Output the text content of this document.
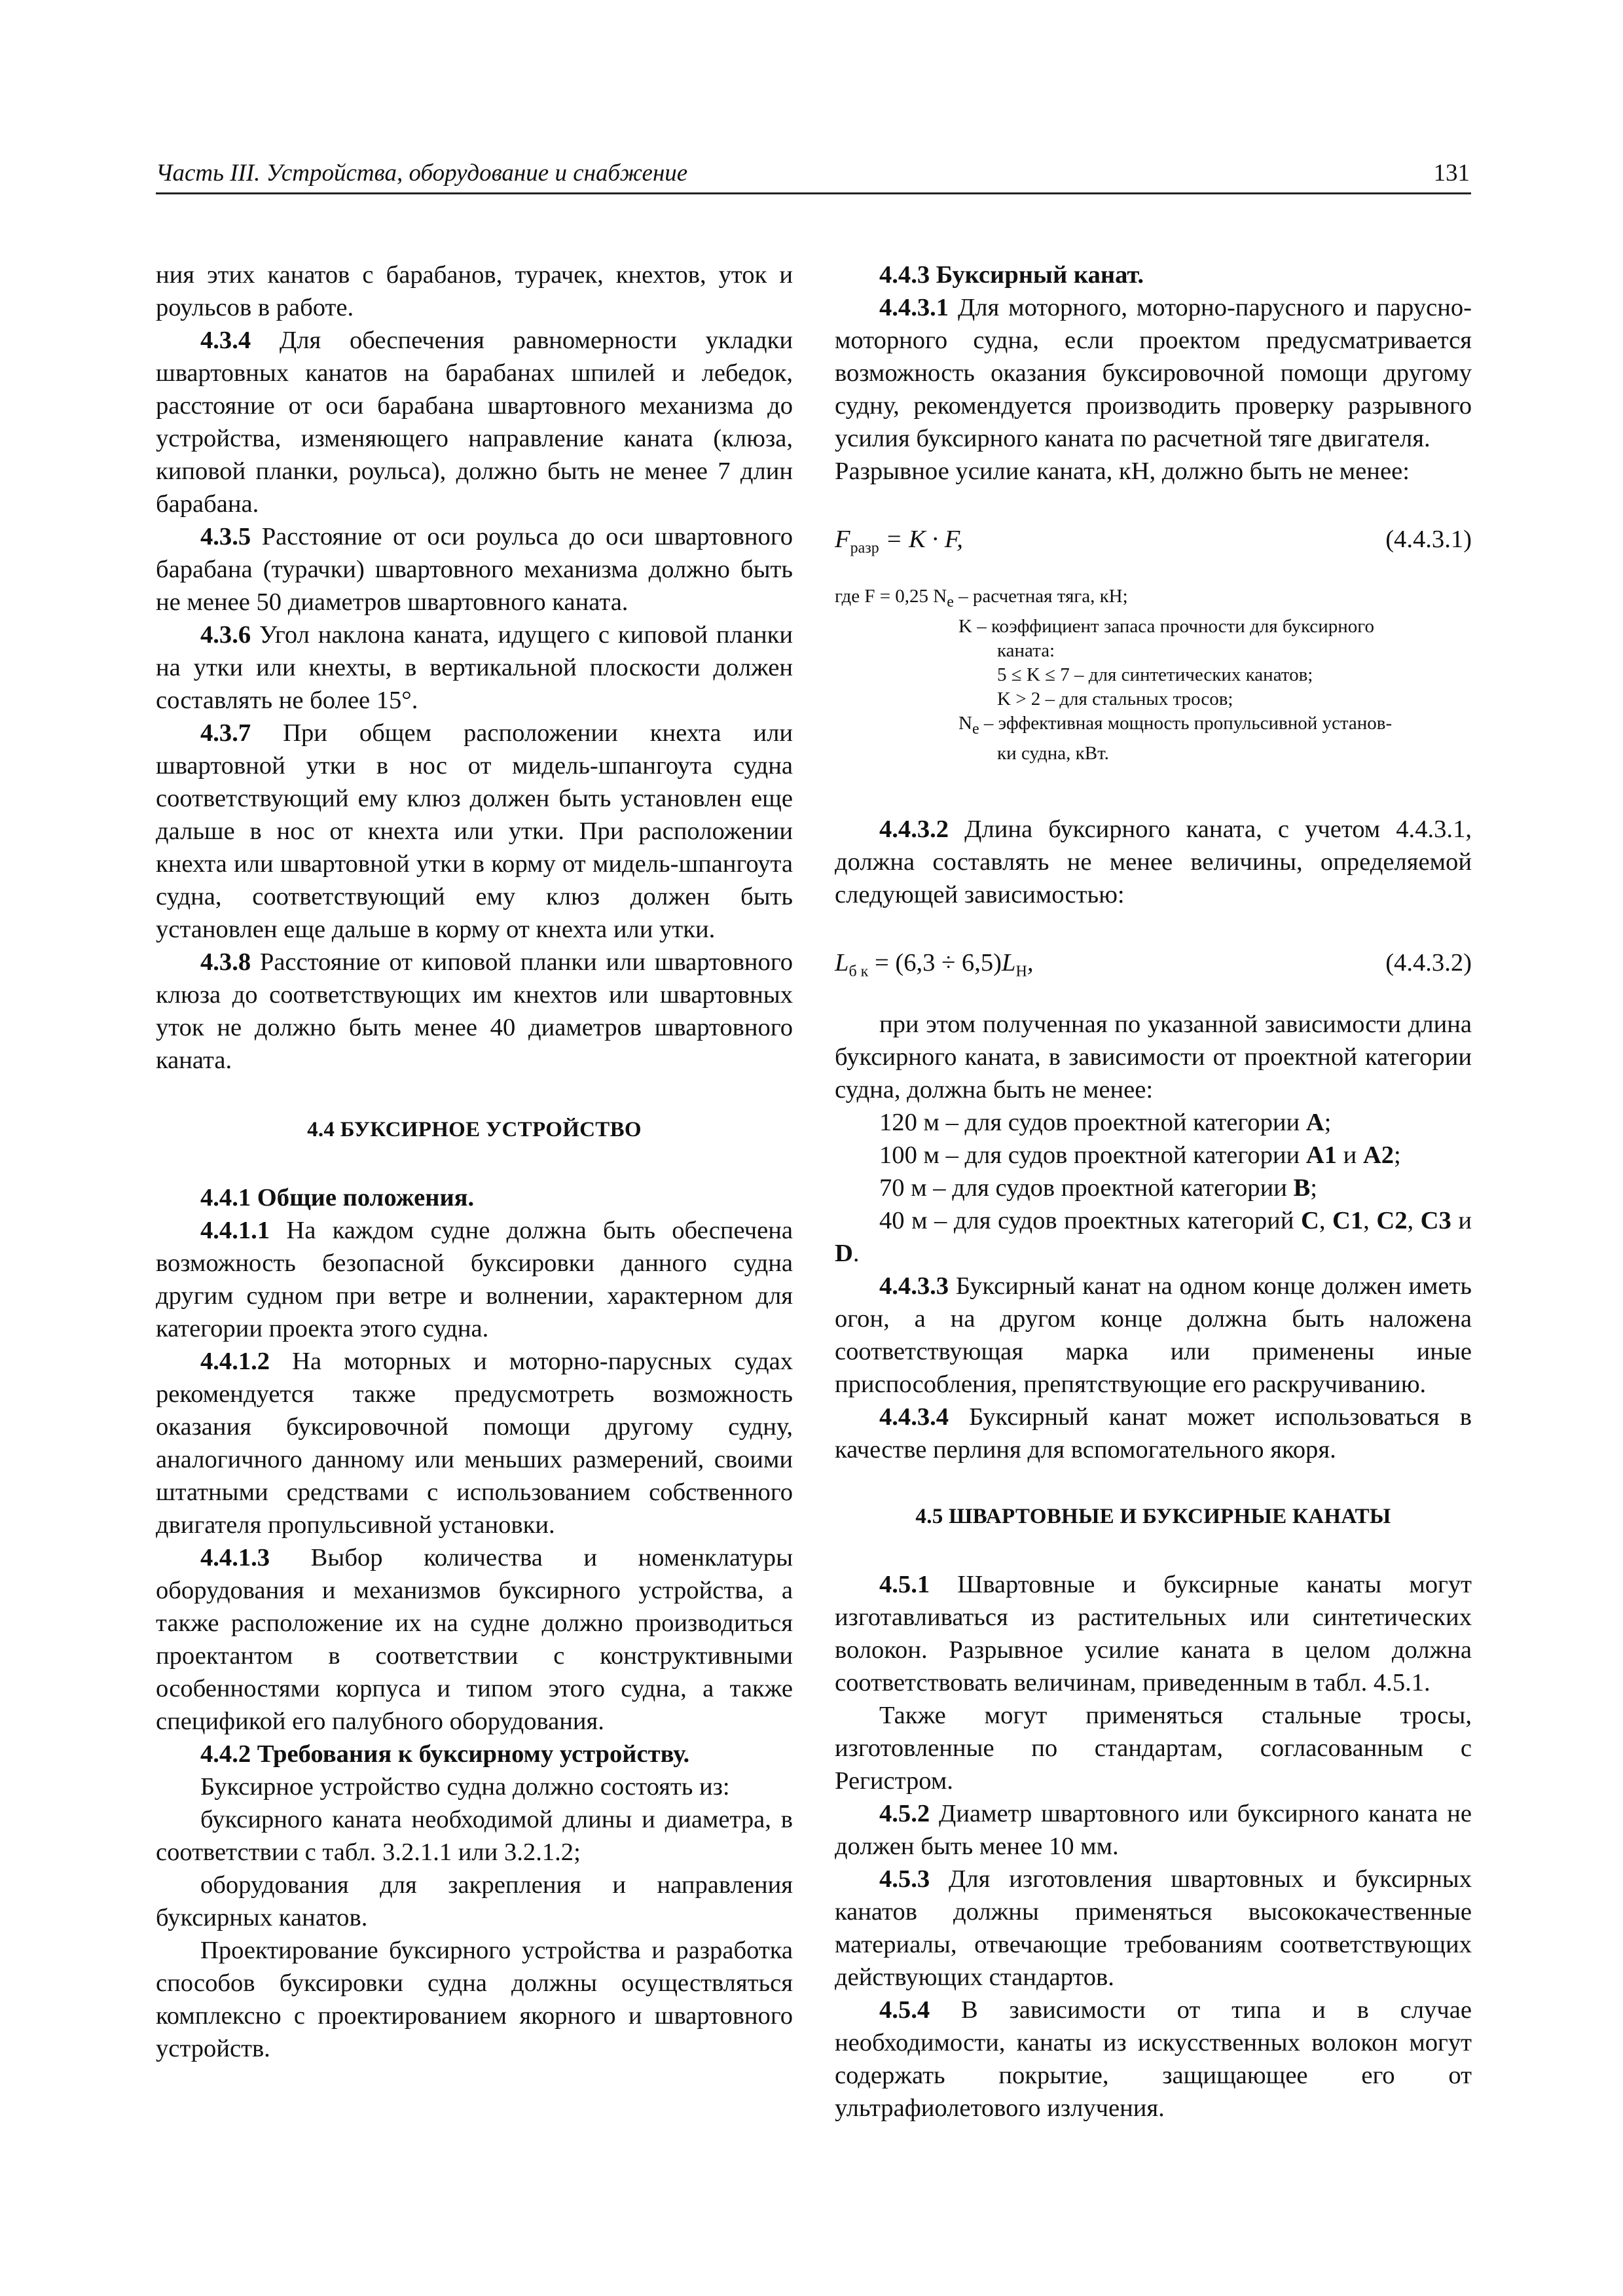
Часть III. Устройства, оборудование и снабжение	131

ния этих канатов с барабанов, турачек, кнехтов, уток и роульсов в работе.

4.3.4 Для обеспечения равномерности укладки швартовных канатов на барабанах шпилей и лебедок, расстояние от оси барабана швартовного механизма до устройства, изменяющего направление каната (клюза, киповой планки, роульса), должно быть не менее 7 длин барабана.

4.3.5 Расстояние от оси роульса до оси швартовного барабана (турачки) швартовного механизма должно быть не менее 50 диаметров швартовного каната.

4.3.6 Угол наклона каната, идущего с киповой планки на утки или кнехты, в вертикальной плоскости должен составлять не более 15°.

4.3.7 При общем расположении кнехта или швартовной утки в нос от мидель-шпангоута судна соответствующий ему клюз должен быть установлен еще дальше в нос от кнехта или утки. При расположении кнехта или швартовной утки в корму от мидель-шпангоута судна, соответствующий ему клюз должен быть установлен еще дальше в корму от кнехта или утки.

4.3.8 Расстояние от киповой планки или швартовного клюза до соответствующих им кнехтов или швартовных уток не должно быть менее 40 диаметров швартовного каната.

4.4 БУКСИРНОЕ УСТРОЙСТВО

4.4.1 Общие положения.

4.4.1.1 На каждом судне должна быть обеспечена возможность безопасной буксировки данного судна другим судном при ветре и волнении, характерном для категории проекта этого судна.

4.4.1.2 На моторных и моторно-парусных судах рекомендуется также предусмотреть возможность оказания буксировочной помощи другому судну, аналогичного данному или меньших размерений, своими штатными средствами с использованием собственного двигателя пропульсивной установки.

4.4.1.3 Выбор количества и номенклатуры оборудования и механизмов буксирного устройства, а также расположение их на судне должно производиться проектантом в соответствии с конструктивными особенностями корпуса и типом этого судна, а также спецификой его палубного оборудования.

4.4.2 Требования к буксирному устройству.

Буксирное устройство судна должно состоять из:

буксирного каната необходимой длины и диаметра, в соответствии с табл. 3.2.1.1 или 3.2.1.2;

оборудования для закрепления и направления буксирных канатов.

Проектирование буксирного устройства и разработка способов буксировки судна должны осуществляться комплексно с проектированием якорного и швартовного устройств.

4.4.3 Буксирный канат.

4.4.3.1 Для моторного, моторно-парусного и парусно-моторного судна, если проектом предусматривается возможность оказания буксировочной помощи другому судну, рекомендуется производить проверку разрывного усилия буксирного каната по расчетной тяге двигателя.

Разрывное усилие каната, кН, должно быть не менее:

$F_{разр} = K \cdot F$,	(4.4.3.1)
где F = 0,25 $N_e$ – расчетная тяга, кН;
K – коэффициент запаса прочности для буксирного
каната:
5 ≤ K ≤ 7 – для синтетических канатов;
K > 2 – для стальных тросов;
$N_e$ – эффективная мощность пропульсивной установ-
ки судна, кВт.

4.4.3.2 Длина буксирного каната, с учетом 4.4.3.1, должна составлять не менее величины, определяемой следующей зависимостью:

$L_{б к} = (6,3 \div 6,5)L_H$,	(4.4.3.2)

при этом полученная по указанной зависимости длина буксирного каната, в зависимости от проектной категории судна, должна быть не менее:

120 м – для судов проектной категории A;

100 м – для судов проектной категории A1 и A2;

70 м – для судов проектной категории B;

40 м – для судов проектных категорий C, C1, C2, C3 и D.

4.4.3.3 Буксирный канат на одном конце должен иметь огон, а на другом конце должна быть наложена соответствующая марка или применены иные приспособления, препятствующие его раскручиванию.

4.4.3.4 Буксирный канат может использоваться в качестве перлиня для вспомогательного якоря.

4.5 ШВАРТОВНЫЕ И БУКСИРНЫЕ КАНАТЫ

4.5.1 Швартовные и буксирные канаты могут изготавливаться из растительных или синтетических волокон. Разрывное усилие каната в целом должна соответствовать величинам, приведенным в табл. 4.5.1.

Также могут применяться стальные тросы, изготовленные по стандартам, согласованным с Регистром.

4.5.2 Диаметр швартовного или буксирного каната не должен быть менее 10 мм.

4.5.3 Для изготовления швартовных и буксирных канатов должны применяться высококачественные материалы, отвечающие требованиям соответствующих действующих стандартов.

4.5.4 В зависимости от типа и в случае необходимости, канаты из искусственных волокон могут содержать покрытие, защищающее его от ультрафиолетового излучения.
